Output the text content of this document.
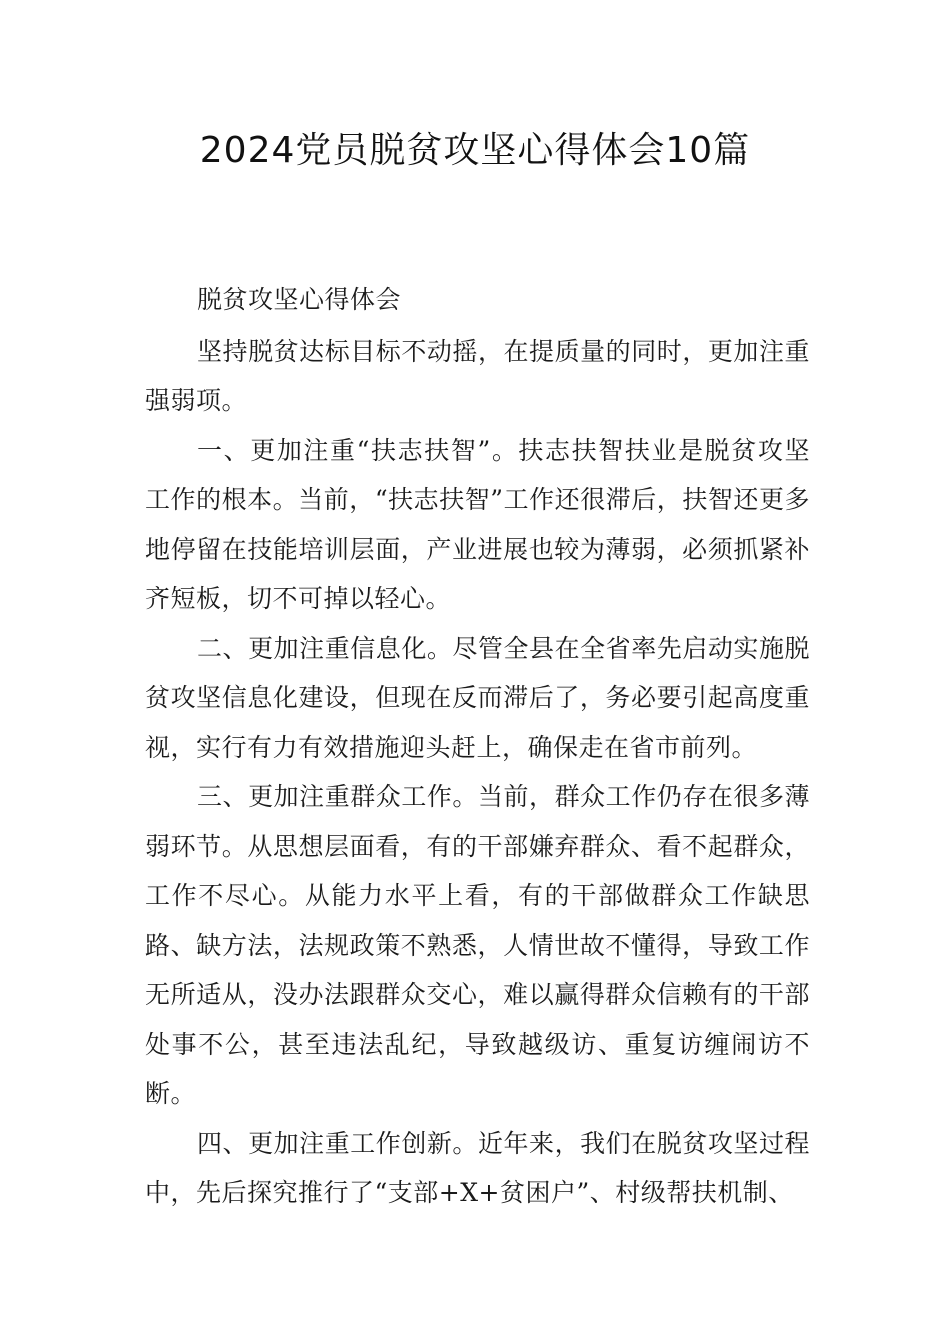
2024党员脱贫攻坚心得体会10篇

脱贫攻坚心得体会

坚持脱贫达标目标不动摇，在提质量的同时，更加注重强弱项。

一、更加注重“扶志扶智”。扶志扶智扶业是脱贫攻坚工作的根本。当前，“扶志扶智”工作还很滞后，扶智还更多地停留在技能培训层面，产业进展也较为薄弱，必须抓紧补齐短板，切不可掉以轻心。

二、更加注重信息化。尽管全县在全省率先启动实施脱贫攻坚信息化建设，但现在反而滞后了，务必要引起高度重视，实行有力有效措施迎头赶上，确保走在省市前列。

三、更加注重群众工作。当前，群众工作仍存在很多薄弱环节。从思想层面看，有的干部嫌弃群众、看不起群众，工作不尽心。从能力水平上看，有的干部做群众工作缺思路、缺方法，法规政策不熟悉，人情世故不懂得，导致工作无所适从，没办法跟群众交心，难以赢得群众信赖有的干部处事不公，甚至违法乱纪，导致越级访、重复访缠闹访不断。

四、更加注重工作创新。近年来，我们在脱贫攻坚过程中，先后探究推行了“支部+X+贫困户”、村级帮扶机制、
